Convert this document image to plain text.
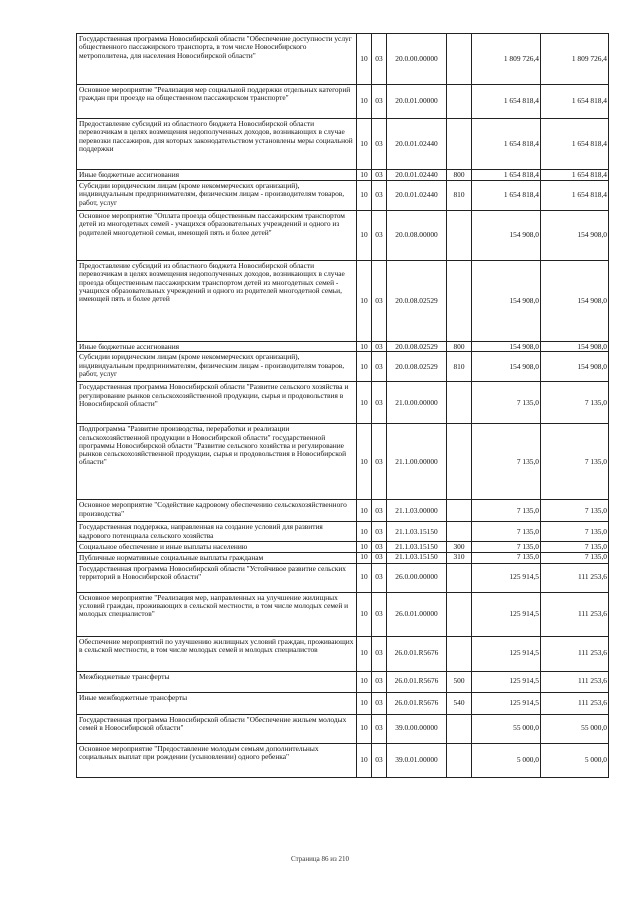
Государственная программа Новосибирской области "Обеспечение доступности услуг общественного пассажирского транспорта, в том числе Новосибирского метрополитена, для населения Новосибирской области"	10	03	20.0.00.00000		1 809 726,4	1 809 726,4
Основное мероприятие "Реализация мер социальной поддержки отдельных категорий граждан при проезде на общественном пассажирском транспорте"	10	03	20.0.01.00000		1 654 818,4	1 654 818,4
Предоставление субсидий из областного бюджета Новосибирской области перевозчикам в целях возмещения недополученных доходов, возникающих в случае перевозки пассажиров, для которых законодательством установлены меры социальной поддержки	10	03	20.0.01.02440		1 654 818,4	1 654 818,4
Иные бюджетные ассигнования	10	03	20.0.01.02440	800	1 654 818,4	1 654 818,4
Субсидии юридическим лицам (кроме некоммерческих организаций), индивидуальным предпринимателям, физическим лицам - производителям товаров, работ, услуг	10	03	20.0.01.02440	810	1 654 818,4	1 654 818,4
Основное мероприятие "Оплата проезда общественным пассажирским транспортом детей из многодетных семей - учащихся образовательных учреждений и одного из родителей многодетной семьи, имеющей пять и более детей"	10	03	20.0.08.00000		154 908,0	154 908,0
Предоставление субсидий из областного бюджета Новосибирской области перевозчикам в целях возмещения недополученных доходов, возникающих в случае проезда общественным пассажирским транспортом детей из многодетных семей - учащихся образовательных учреждений и одного из родителей многодетной семьи, имеющей пять и более детей	10	03	20.0.08.02529		154 908,0	154 908,0
Иные бюджетные ассигнования	10	03	20.0.08.02529	800	154 908,0	154 908,0
Субсидии юридическим лицам (кроме некоммерческих организаций), индивидуальным предпринимателям, физическим лицам - производителям товаров, работ, услуг	10	03	20.0.08.02529	810	154 908,0	154 908,0
Государственная программа Новосибирской области "Развитие сельского хозяйства и регулирование рынков сельскохозяйственной продукции, сырья и продовольствия в Новосибирской области"	10	03	21.0.00.00000		7 135,0	7 135,0
Подпрограмма "Развитие производства, переработки и реализации сельскохозяйственной продукции в Новосибирской области" государственной программы Новосибирской области "Развитие сельского хозяйства и регулирование рынков сельскохозяйственной продукции, сырья и продовольствия в Новосибирской области"	10	03	21.1.00.00000		7 135,0	7 135,0
Основное мероприятие "Содействие кадровому обеспечению сельскохозяйственного производства"	10	03	21.1.03.00000		7 135,0	7 135,0
Государственная поддержка, направленная на создание условий для развития кадрового потенциала сельского хозяйства	10	03	21.1.03.15150		7 135,0	7 135,0
Социальное обеспечение и иные выплаты населению	10	03	21.1.03.15150	300	7 135,0	7 135,0
Публичные нормативные социальные выплаты гражданам	10	03	21.1.03.15150	310	7 135,0	7 135,0
Государственная программа Новосибирской области "Устойчивое развитие сельских территорий в Новосибирской области"	10	03	26.0.00.00000		125 914,5	111 253,6
Основное мероприятие "Реализация мер, направленных на улучшение жилищных условий граждан, проживающих в сельской местности, в том числе молодых семей и молодых специалистов"	10	03	26.0.01.00000		125 914,5	111 253,6
Обеспечение мероприятий по улучшению жилищных условий граждан, проживающих в сельской местности, в том числе молодых семей и молодых специалистов	10	03	26.0.01.R5676		125 914,5	111 253,6
Межбюджетные трансферты	10	03	26.0.01.R5676	500	125 914,5	111 253,6
Иные межбюджетные трансферты	10	03	26.0.01.R5676	540	125 914,5	111 253,6
Государственная программа Новосибирской области "Обеспечение жильем молодых семей в Новосибирской области"	10	03	39.0.00.00000		55 000,0	55 000,0
Основное мероприятие "Предоставление молодым семьям дополнительных социальных выплат при рождении (усыновлении) одного ребенка"	10	03	39.0.01.00000		5 000,0	5 000,0
Страница 86 из 210
